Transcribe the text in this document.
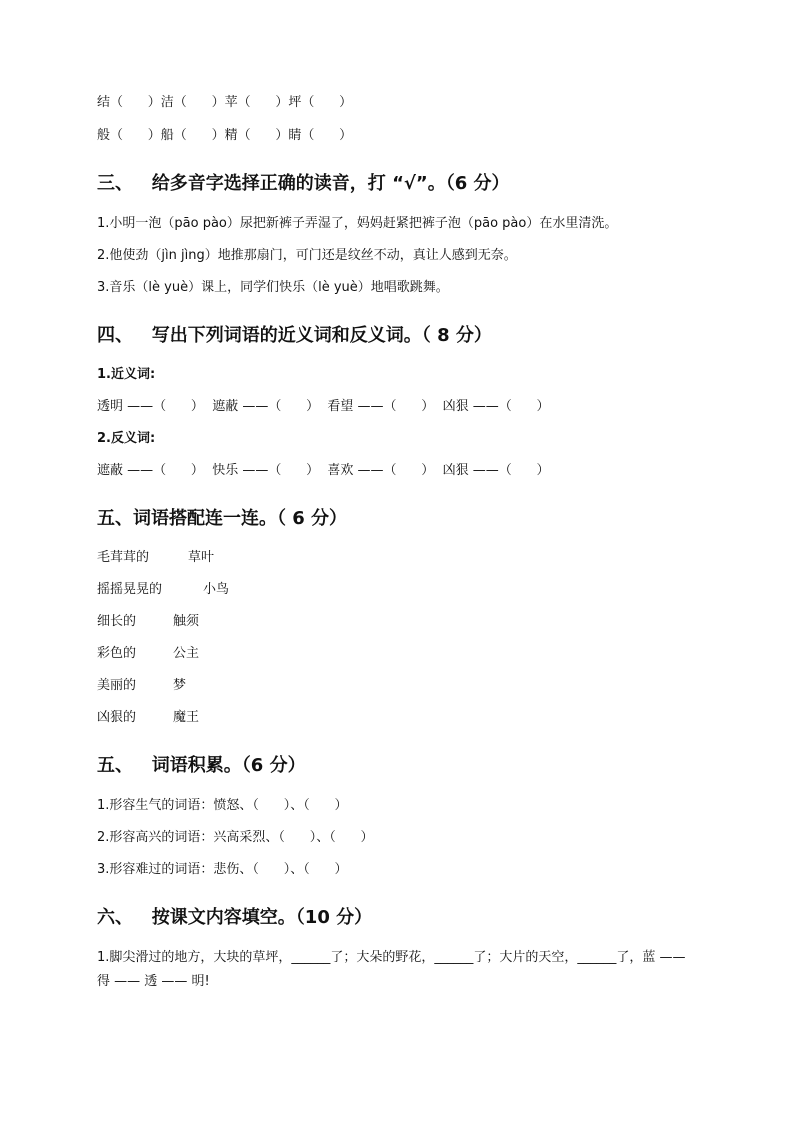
结（      ）洁（      ）苹（      ）坪（      ）
般（      ）船（      ）精（      ）睛（      ）
三、   给多音字选择正确的读音，打 “√”。（6 分）
1.小明一泡（pāo pào）尿把新裤子弄湿了，妈妈赶紧把裤子泡（pāo pào）在水里清洗。
2.他使劲（jìn jìng）地推那扇门，可门还是纹丝不动，真让人感到无奈。
3.音乐（lè yuè）课上，同学们快乐（lè yuè）地唱歌跳舞。
四、   写出下列词语的近义词和反义词。（ 8 分）
1.近义词:
透明 ——（      ）  遮蔽 ——（      ）  看望 ——（      ）  凶狠 ——（      ）
2.反义词:
遮蔽 ——（      ）  快乐 ——（      ）  喜欢 ——（      ）  凶狠 ——（      ）
五、词语搭配连一连。（ 6 分）
毛茸茸的	草叶
摇摇晃晃的	小鸟
细长的	触须
彩色的	公主
美丽的	梦
凶狠的	魔王
五、   词语积累。（6 分）
1.形容生气的词语：愤怒、（      ）、（      ）
2.形容高兴的词语：兴高采烈、（      ）、（      ）
3.形容难过的词语：悲伤、（      ）、（      ）
六、   按课文内容填空。（10 分）
1.脚尖滑过的地方，大块的草坪，______了；大朵的野花，______了；大片的天空，______了，蓝 —— 得 —— 透 —— 明!
